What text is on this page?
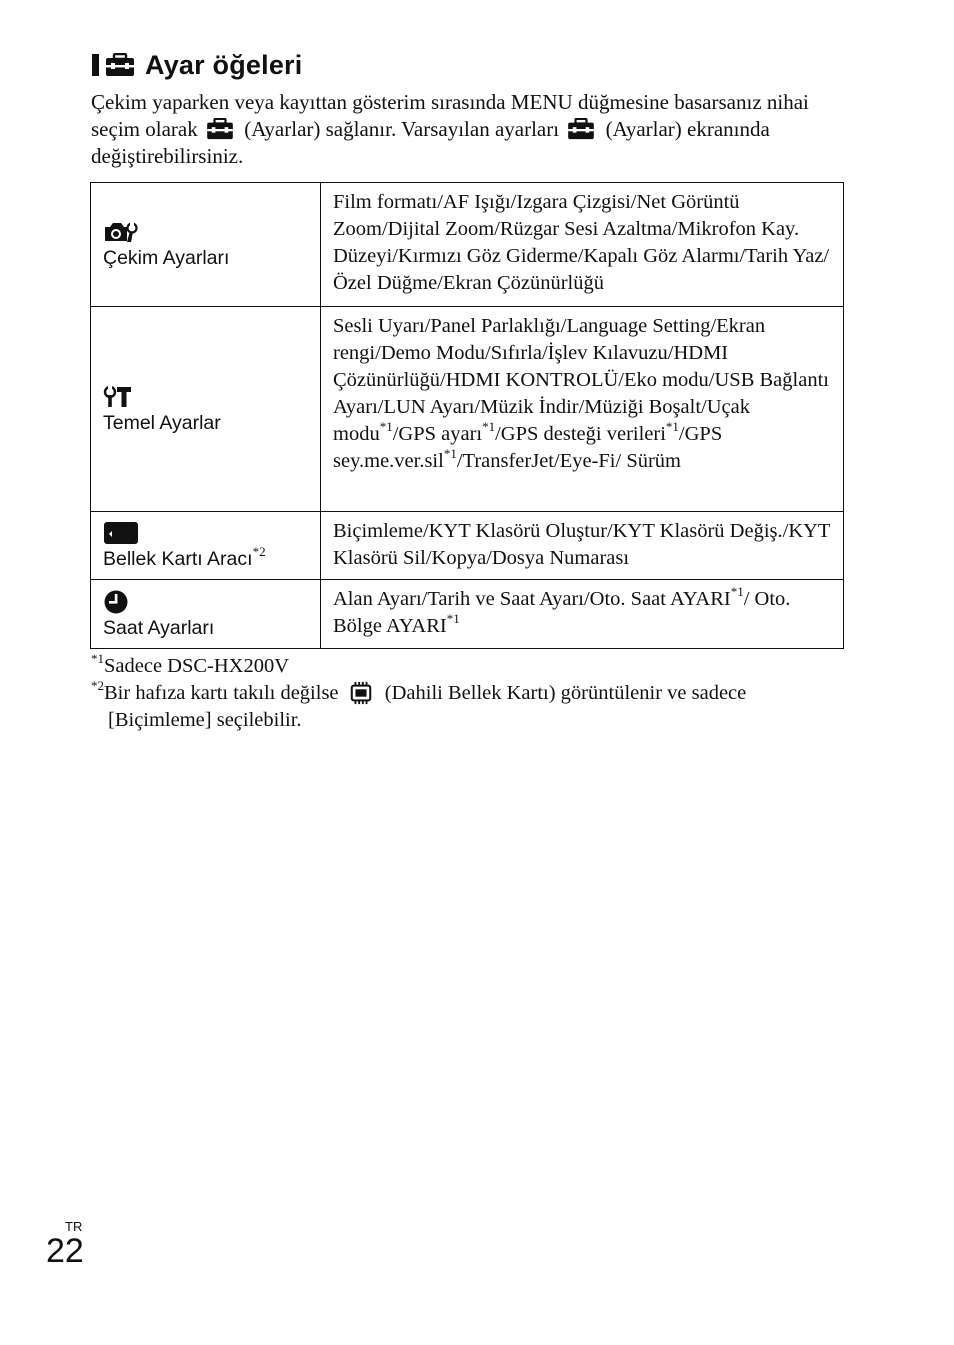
Ayar öğeleri
Çekim yaparken veya kayıttan gösterim sırasında MENU düğmesine basarsanız nihai seçim olarak (Ayarlar) sağlanır. Varsayılan ayarları (Ayarlar) ekranında değiştirebilirsiniz.
Çekim Ayarları	Film formatı/AF Işığı/Izgara Çizgisi/Net Görüntü Zoom/Dijital Zoom/Rüzgar Sesi Azaltma/Mikrofon Kay. Düzeyi/Kırmızı Göz Giderme/Kapalı Göz Alarmı/Tarih Yaz/Özel Düğme/Ekran Çözünürlüğü

Temel Ayarlar	Sesli Uyarı/Panel Parlaklığı/Language Setting/Ekran rengi/Demo Modu/Sıfırla/İşlev Kılavuzu/HDMI Çözünürlüğü/HDMI KONTROLÜ/Eko modu/USB Bağlantı Ayarı/LUN Ayarı/Müzik İndir/Müziği Boşalt/Uçak modu$^{*1}$/GPS ayarı$^{*1}$/GPS desteği verileri$^{*1}$/GPS sey.me.ver.sil$^{*1}$/TransferJet/Eye-Fi/ Sürüm

Bellek Kartı Aracı$^{*2}$	Biçimleme/KYT Klasörü Oluştur/KYT Klasörü Değiş./KYT Klasörü Sil/Kopya/Dosya Numarası

Saat Ayarları	Alan Ayarı/Tarih ve Saat Ayarı/Oto. Saat AYARI$^{*1}$/ Oto. Bölge AYARI$^{*1}$
$^{*1}$Sadece DSC-HX200V
$^{*2}$Bir hafıza kartı takılı değilse (Dahili Bellek Kartı) görüntülenir ve sadece
[Biçimleme] seçilebilir.
TR
22
